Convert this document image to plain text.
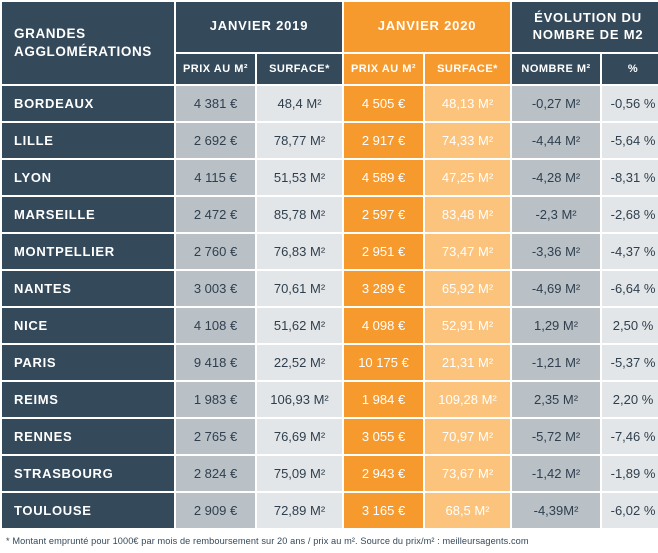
GRANDES AGGLOMÉRATIONS	JANVIER 2019		JANVIER 2020		ÉVOLUTION DU NOMBRE DE M2	
	PRIX AU M²	SURFACE*	PRIX AU M²	SURFACE*	NOMBRE M²	%
BORDEAUX	4 381 €	48,4 M²	4 505 €	48,13 M²	-0,27 M²	-0,56 %
LILLE	2 692 €	78,77 M²	2 917 €	74,33 M²	-4,44 M²	-5,64 %
LYON	4 115 €	51,53 M²	4 589 €	47,25 M²	-4,28 M²	-8,31 %
MARSEILLE	2 472 €	85,78 M²	2 597 €	83,48 M²	-2,3 M²	-2,68 %
MONTPELLIER	2 760 €	76,83 M²	2 951 €	73,47 M²	-3,36 M²	-4,37 %
NANTES	3 003 €	70,61 M²	3 289 €	65,92 M²	-4,69 M²	-6,64 %
NICE	4 108 €	51,62 M²	4 098 €	52,91 M²	1,29 M²	2,50 %
PARIS	9 418 €	22,52 M²	10 175 €	21,31 M²	-1,21 M²	-5,37 %
REIMS	1 983 €	106,93 M²	1 984 €	109,28 M²	2,35 M²	2,20 %
RENNES	2 765 €	76,69 M²	3 055 €	70,97 M²	-5,72 M²	-7,46 %
STRASBOURG	2 824 €	75,09 M²	2 943 €	73,67 M²	-1,42 M²	-1,89 %
TOULOUSE	2 909 €	72,89 M²	3 165 €	68,5 M²	-4,39M²	-6,02 %
* Montant emprunté pour 1000€ par mois de remboursement sur 20 ans / prix au m². Source du prix/m² : meilleursagents.com						
